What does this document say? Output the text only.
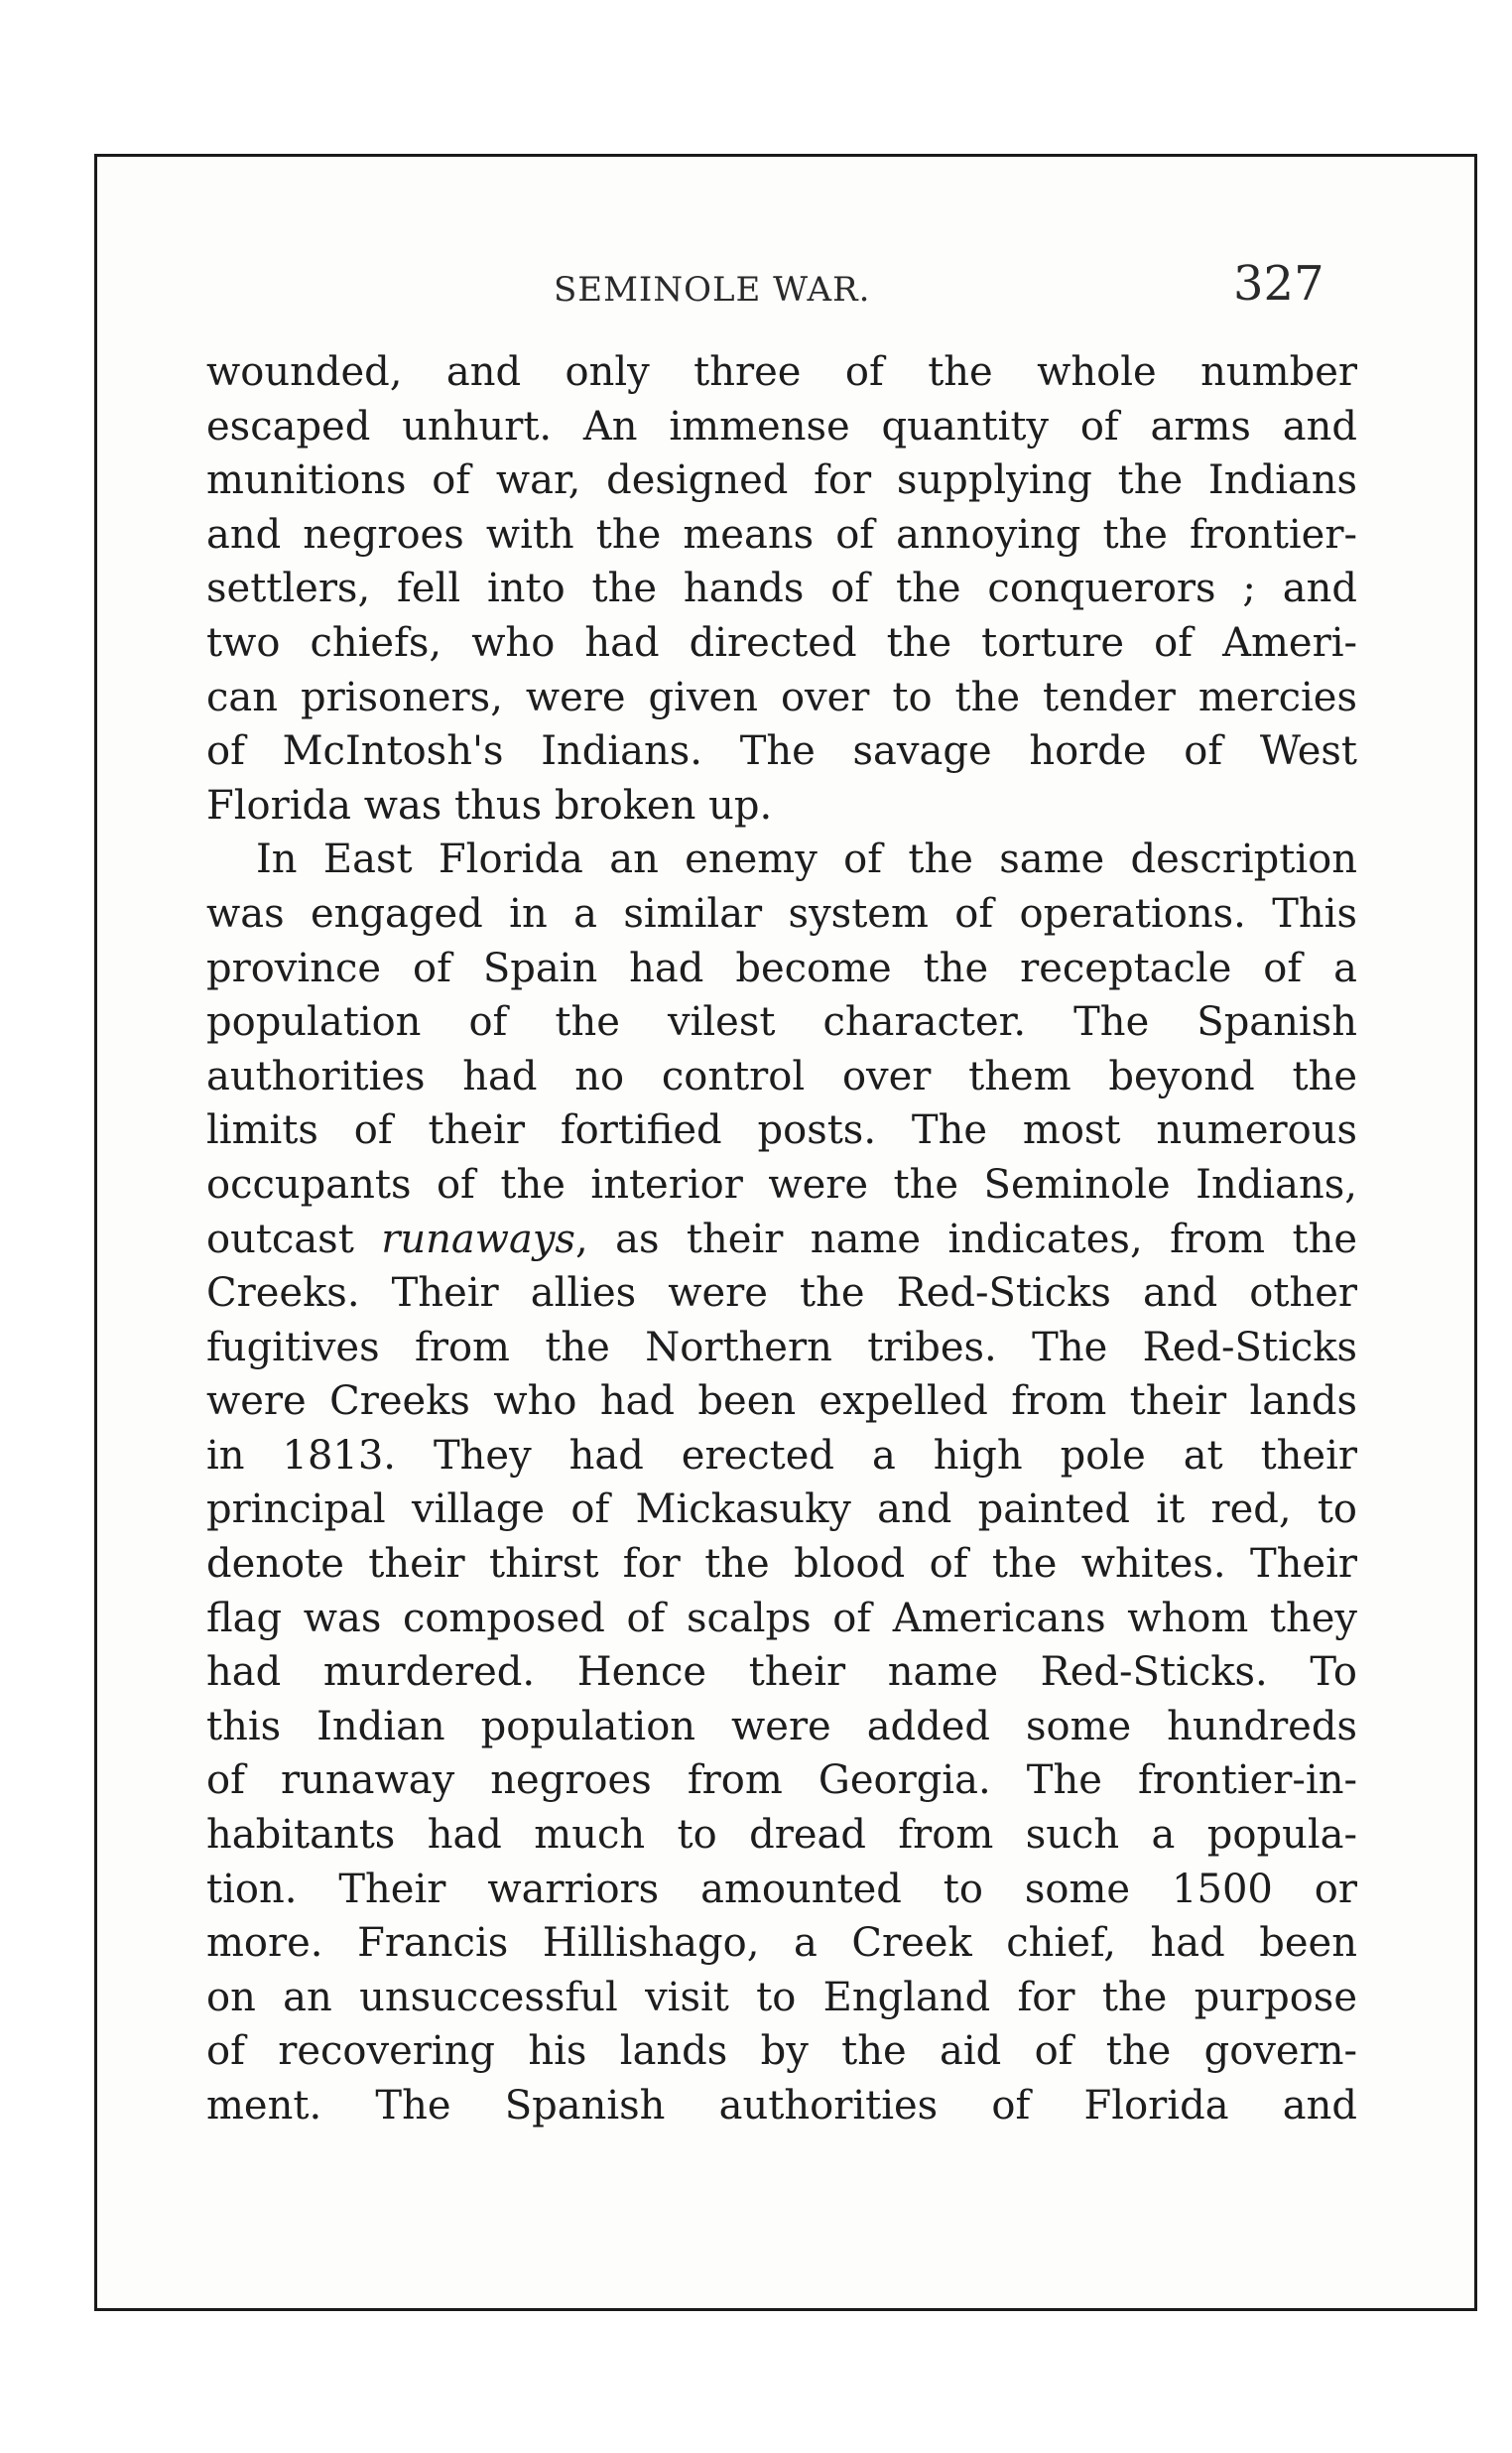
SEMINOLE WAR.	327
wounded, and only three of the whole number
escaped unhurt. An immense quantity of arms and
munitions of war, designed for supplying the Indians
and negroes with the means of annoying the frontier-
settlers, fell into the hands of the conquerors ; and
two chiefs, who had directed the torture of Ameri-
can prisoners, were given over to the tender mercies
of McIntosh's Indians. The savage horde of West
Florida was thus broken up.
In East Florida an enemy of the same description
was engaged in a similar system of operations. This
province of Spain had become the receptacle of a
population of the vilest character. The Spanish
authorities had no control over them beyond the
limits of their fortified posts. The most numerous
occupants of the interior were the Seminole Indians,
outcast runaways, as their name indicates, from the
Creeks. Their allies were the Red-Sticks and other
fugitives from the Northern tribes. The Red-Sticks
were Creeks who had been expelled from their lands
in 1813. They had erected a high pole at their
principal village of Mickasuky and painted it red, to
denote their thirst for the blood of the whites. Their
flag was composed of scalps of Americans whom they
had murdered. Hence their name Red-Sticks. To
this Indian population were added some hundreds
of runaway negroes from Georgia. The frontier-in-
habitants had much to dread from such a popula-
tion. Their warriors amounted to some 1500 or
more. Francis Hillishago, a Creek chief, had been
on an unsuccessful visit to England for the purpose
of recovering his lands by the aid of the govern-
ment. The Spanish authorities of Florida and
